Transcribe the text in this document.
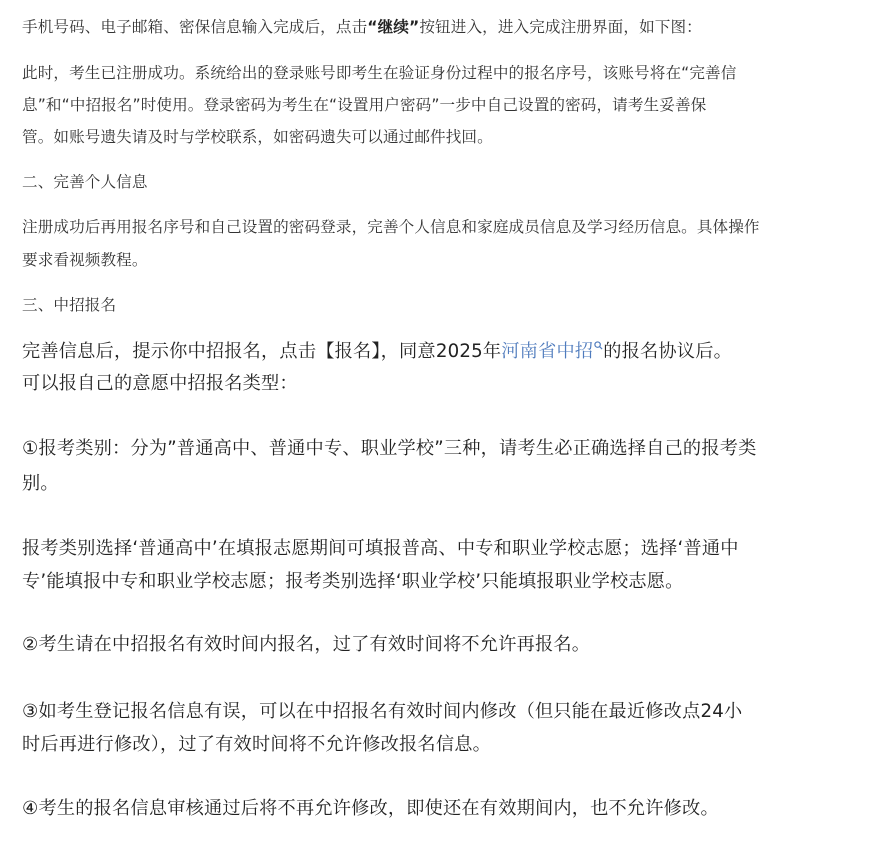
手机号码、电子邮箱、密保信息输入完成后，点击“继续”按钮进入，进入完成注册界面，如下图：

此时，考生已注册成功。系统给出的登录账号即考生在验证身份过程中的报名序号，该账号将在“完善信

息”和“中招报名”时使用。登录密码为考生在“设置用户密码”一步中自己设置的密码，请考生妥善保

管。如账号遗失请及时与学校联系，如密码遗失可以通过邮件找回。

二、完善个人信息

注册成功后再用报名序号和自己设置的密码登录，完善个人信息和家庭成员信息及学习经历信息。具体操作

要求看视频教程。

三、中招报名

完善信息后，提示你中招报名，点击【报名】，同意2025年河南省中招 的报名协议后。

可以报自己的意愿中招报名类型：

①报考类别：分为”普通高中、普通中专、职业学校”三种，请考生必正确选择自己的报考类

别。

报考类别选择‘普通高中’在填报志愿期间可填报普高、中专和职业学校志愿；选择‘普通中

专’能填报中专和职业学校志愿；报考类别选择‘职业学校’只能填报职业学校志愿。

②考生请在中招报名有效时间内报名，过了有效时间将不允许再报名。

③如考生登记报名信息有误，可以在中招报名有效时间内修改（但只能在最近修改点24小

时后再进行修改），过了有效时间将不允许修改报名信息。

④考生的报名信息审核通过后将不再允许修改，即使还在有效期间内，也不允许修改。
